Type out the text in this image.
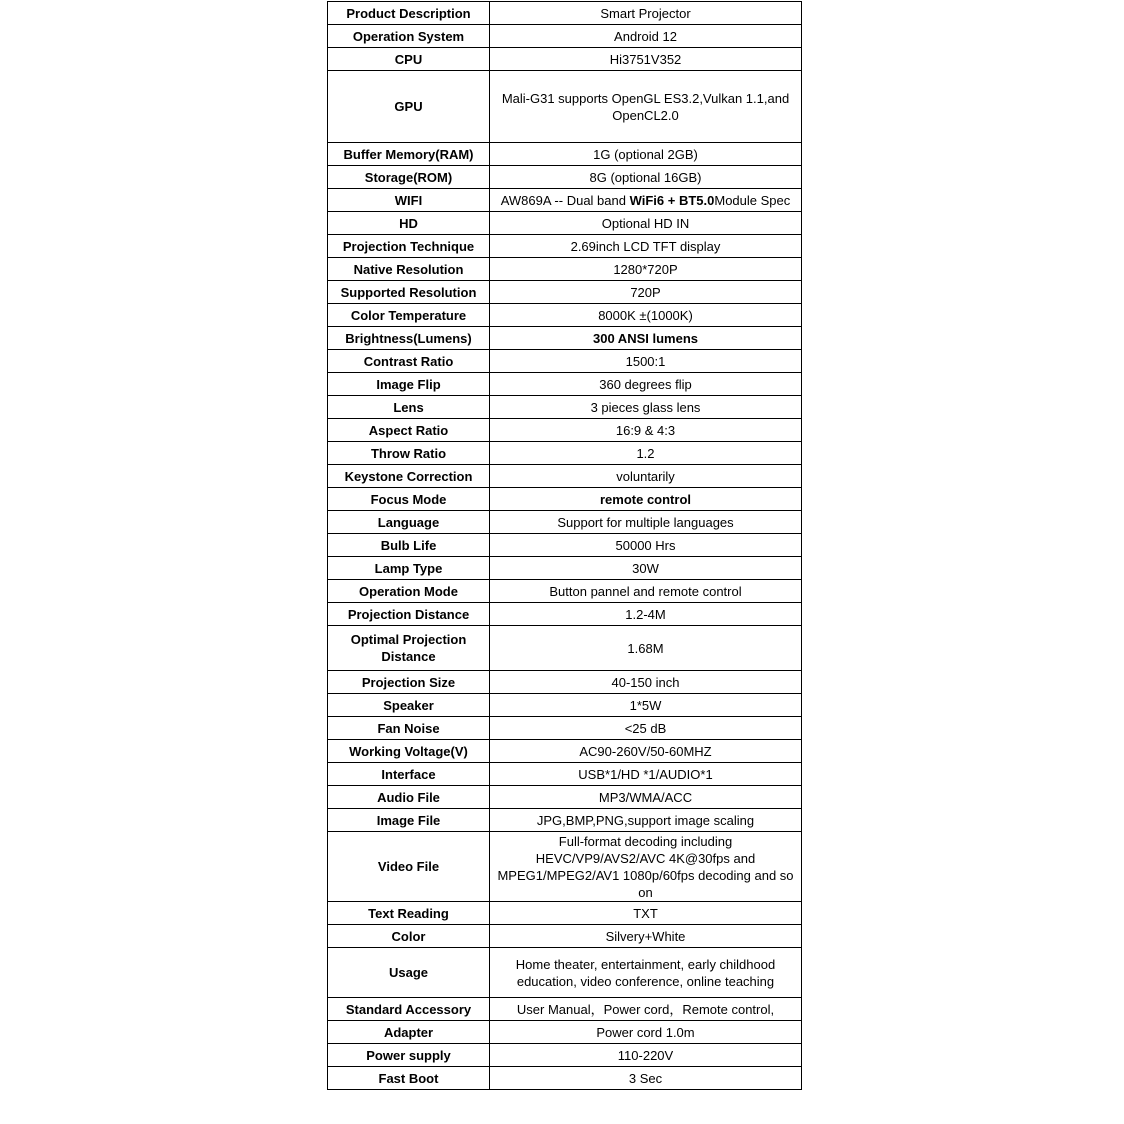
Product Description	Smart Projector
Operation System	Android 12
CPU	Hi3751V352
GPU	Mali-G31 supports OpenGL ES3.2,Vulkan 1.1,and OpenCL2.0
Buffer Memory(RAM)	1G (optional 2GB)
Storage(ROM)	8G (optional 16GB)
WIFI	AW869A -- Dual band WiFi6 + BT5.0Module Spec
HD	Optional HD IN
Projection Technique	2.69inch LCD TFT display
Native Resolution	1280*720P
Supported Resolution	720P
Color Temperature	8000K ±(1000K)
Brightness(Lumens)	300 ANSI lumens
Contrast Ratio	1500:1
Image Flip	360 degrees flip
Lens	3 pieces glass lens
Aspect Ratio	16:9 & 4:3
Throw Ratio	1.2
Keystone Correction	voluntarily
Focus Mode	remote control
Language	Support for multiple languages
Bulb Life	50000 Hrs
Lamp Type	30W
Operation Mode	Button pannel and remote control
Projection Distance	1.2-4M
Optimal Projection Distance	1.68M
Projection Size	40-150 inch
Speaker	1*5W
Fan Noise	<25 dB
Working Voltage(V)	AC90-260V/50-60MHZ
Interface	USB*1/HD *1/AUDIO*1
Audio File	MP3/WMA/ACC
Image File	JPG,BMP,PNG,support image scaling
Video File	Full-format decoding including HEVC/VP9/AVS2/AVC 4K@30fps and MPEG1/MPEG2/AV1 1080p/60fps decoding and so on
Text Reading	TXT
Color	Silvery+White
Usage	Home theater, entertainment, early childhood education, video conference, online teaching
Standard Accessory	User Manual，Power cord，Remote control,
Adapter	Power cord 1.0m
Power supply	110-220V
Fast Boot	3 Sec
